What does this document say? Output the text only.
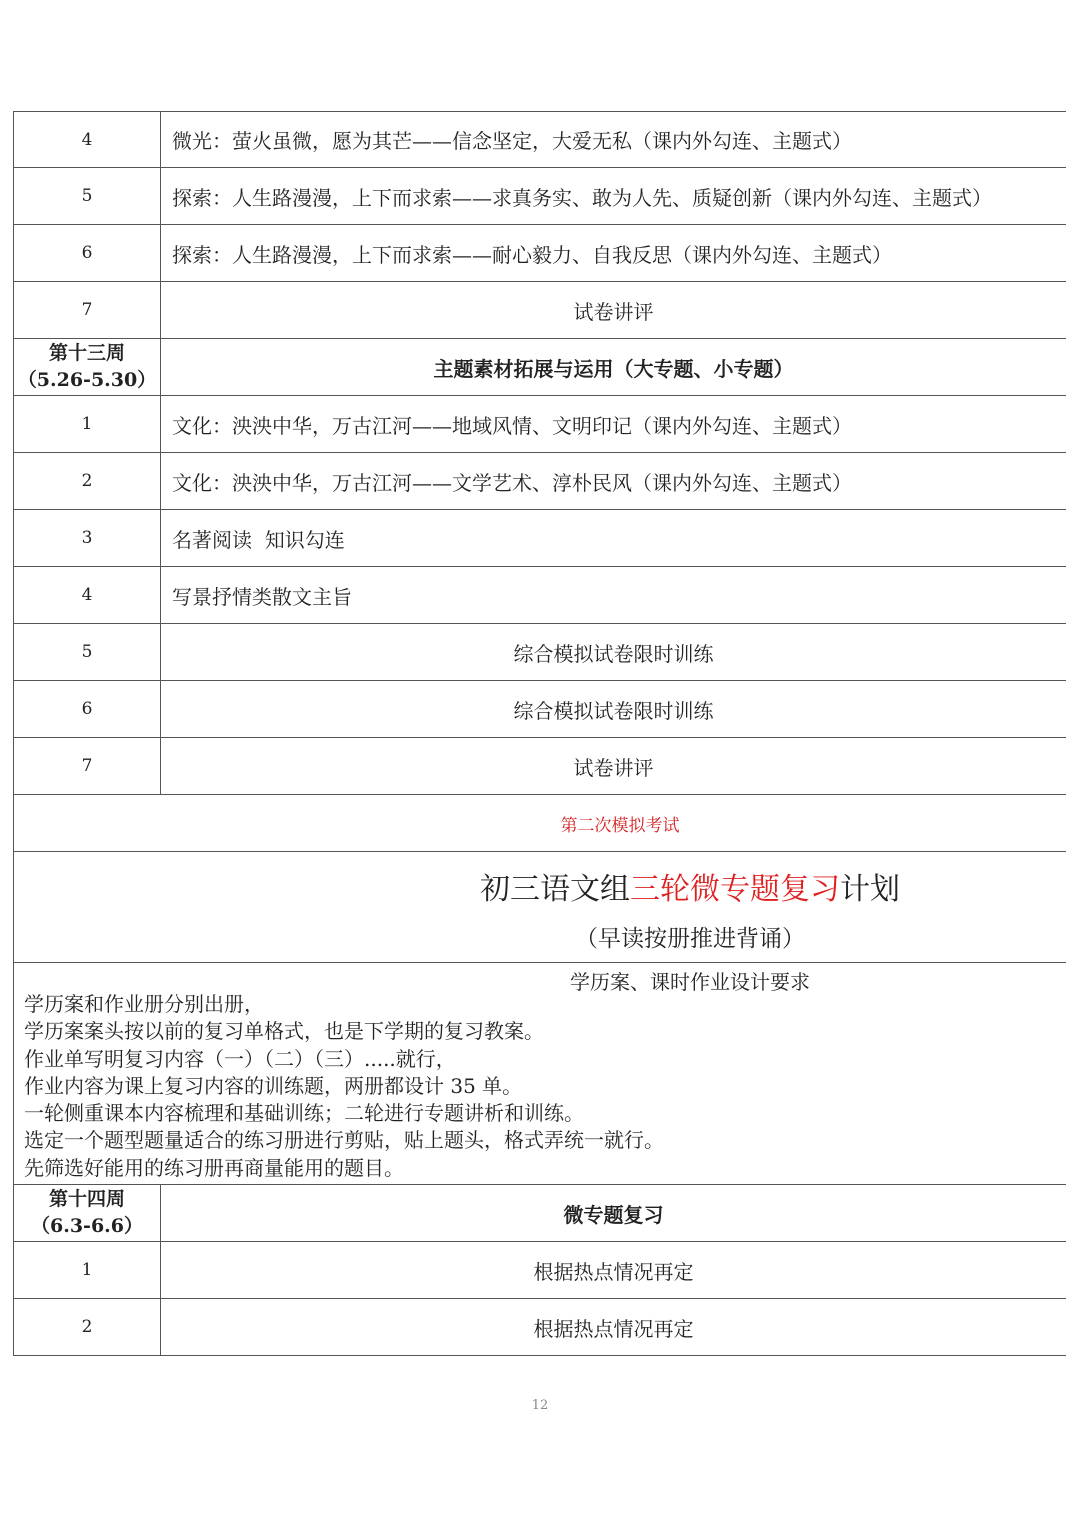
4	微光：萤火虽微，愿为其芒——信念坚定，大爱无私（课内外勾连、主题式）
5	探索：人生路漫漫，上下而求索——求真务实、敢为人先、质疑创新（课内外勾连、主题式）
6	探索：人生路漫漫，上下而求索——耐心毅力、自我反思（课内外勾连、主题式）
7	试卷讲评
第十三周
（5.26-5.30）	主题素材拓展与运用（大专题、小专题）
1	文化：泱泱中华，万古江河——地域风情、文明印记（课内外勾连、主题式）
2	文化：泱泱中华，万古江河——文学艺术、淳朴民风（课内外勾连、主题式）
3	名著阅读  知识勾连
4	写景抒情类散文主旨
5	综合模拟试卷限时训练
6	综合模拟试卷限时训练
7	试卷讲评
第二次模拟考试
初三语文组三轮微专题复习计划
（早读按册推进背诵）
学历案、课时作业设计要求
学历案和作业册分别出册，
学历案案头按以前的复习单格式，也是下学期的复习教案。
作业单写明复习内容（一）（二）（三）.....就行，
作业内容为课上复习内容的训练题，两册都设计 35 单。
一轮侧重课本内容梳理和基础训练；二轮进行专题讲析和训练。
选定一个题型题量适合的练习册进行剪贴，贴上题头，格式弄统一就行。
先筛选好能用的练习册再商量能用的题目。
第十四周
（6.3-6.6）	微专题复习
1	根据热点情况再定
2	根据热点情况再定
12
